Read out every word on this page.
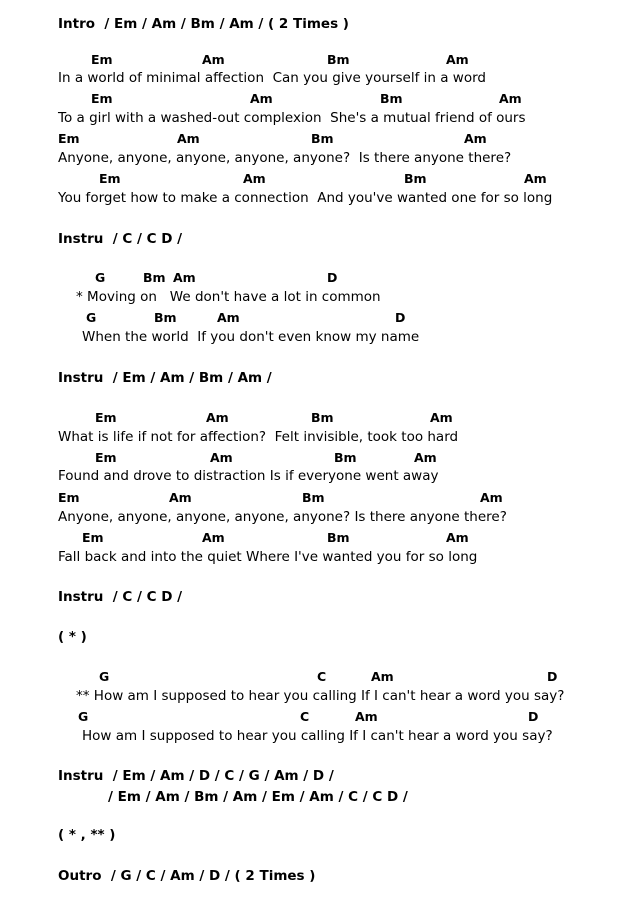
Intro  / Em / Am / Bm / Am / ( 2 Times )
Em	Am	Bm	Am
In a world of minimal affection  Can you give yourself in a word
Em	Am	Bm	Am
To a girl with a washed-out complexion  She's a mutual friend of ours
Em	Am	Bm	Am
Anyone, anyone, anyone, anyone, anyone?  Is there anyone there?
Em	Am	Bm	Am
You forget how to make a connection  And you've wanted one for so long
Instru  / C / C D /
G	Bm Am	D
* Moving on   We don't have a lot in common
G	Bm	Am	D
When the world  If you don't even know my name
Instru  / Em / Am / Bm / Am /
Em	Am	Bm	Am
What is life if not for affection?  Felt invisible, took too hard
Em	Am	Bm	Am
Found and drove to distraction Is if everyone went away
Em	Am	Bm	Am
Anyone, anyone, anyone, anyone, anyone? Is there anyone there?
Em	Am	Bm	Am
Fall back and into the quiet Where I've wanted you for so long
Instru  / C / C D /
( * )
G	C	Am	D
** How am I supposed to hear you calling If I can't hear a word you say?
G	C	Am	D
How am I supposed to hear you calling If I can't hear a word you say?
Instru  / Em / Am / D / C / G / Am / D /
/ Em / Am / Bm / Am / Em / Am / C / C D /
( * , ** )
Outro  / G / C / Am / D / ( 2 Times )
